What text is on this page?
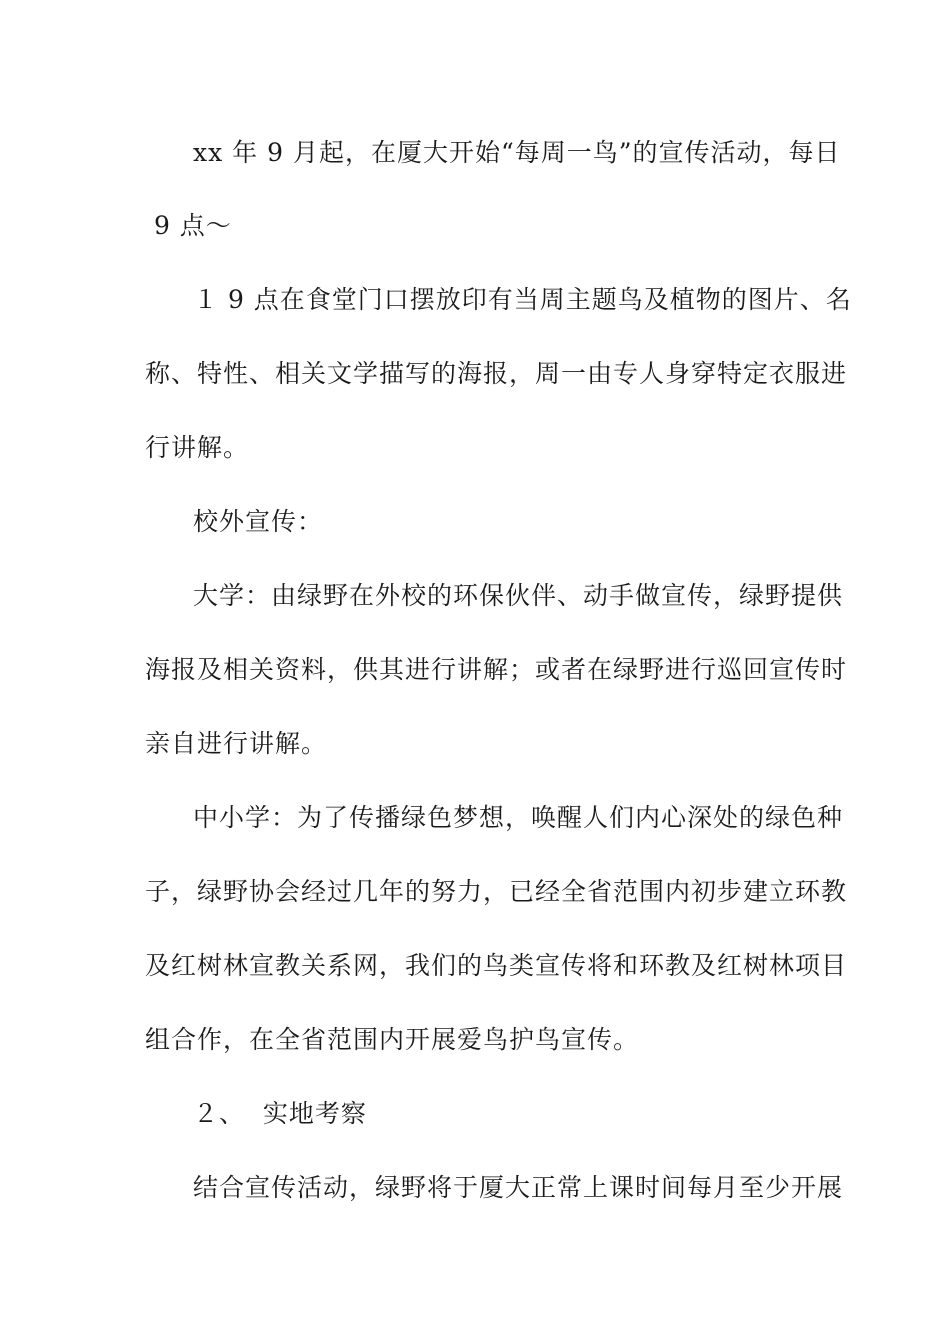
xx 年 9 月起，在厦大开始“每周一鸟”的宣传活动，每日
9 点～
１ 9 点在食堂门口摆放印有当周主题鸟及植物的图片、名
称、特性、相关文学描写的海报，周一由专人身穿特定衣服进
行讲解。
校外宣传：
大学：由绿野在外校的环保伙伴、动手做宣传，绿野提供
海报及相关资料，供其进行讲解；或者在绿野进行巡回宣传时
亲自进行讲解。
中小学：为了传播绿色梦想，唤醒人们内心深处的绿色种
子，绿野协会经过几年的努力，已经全省范围内初步建立环教
及红树林宣教关系网，我们的鸟类宣传将和环教及红树林项目
组合作，在全省范围内开展爱鸟护鸟宣传。
２、  实地考察
结合宣传活动，绿野将于厦大正常上课时间每月至少开展
